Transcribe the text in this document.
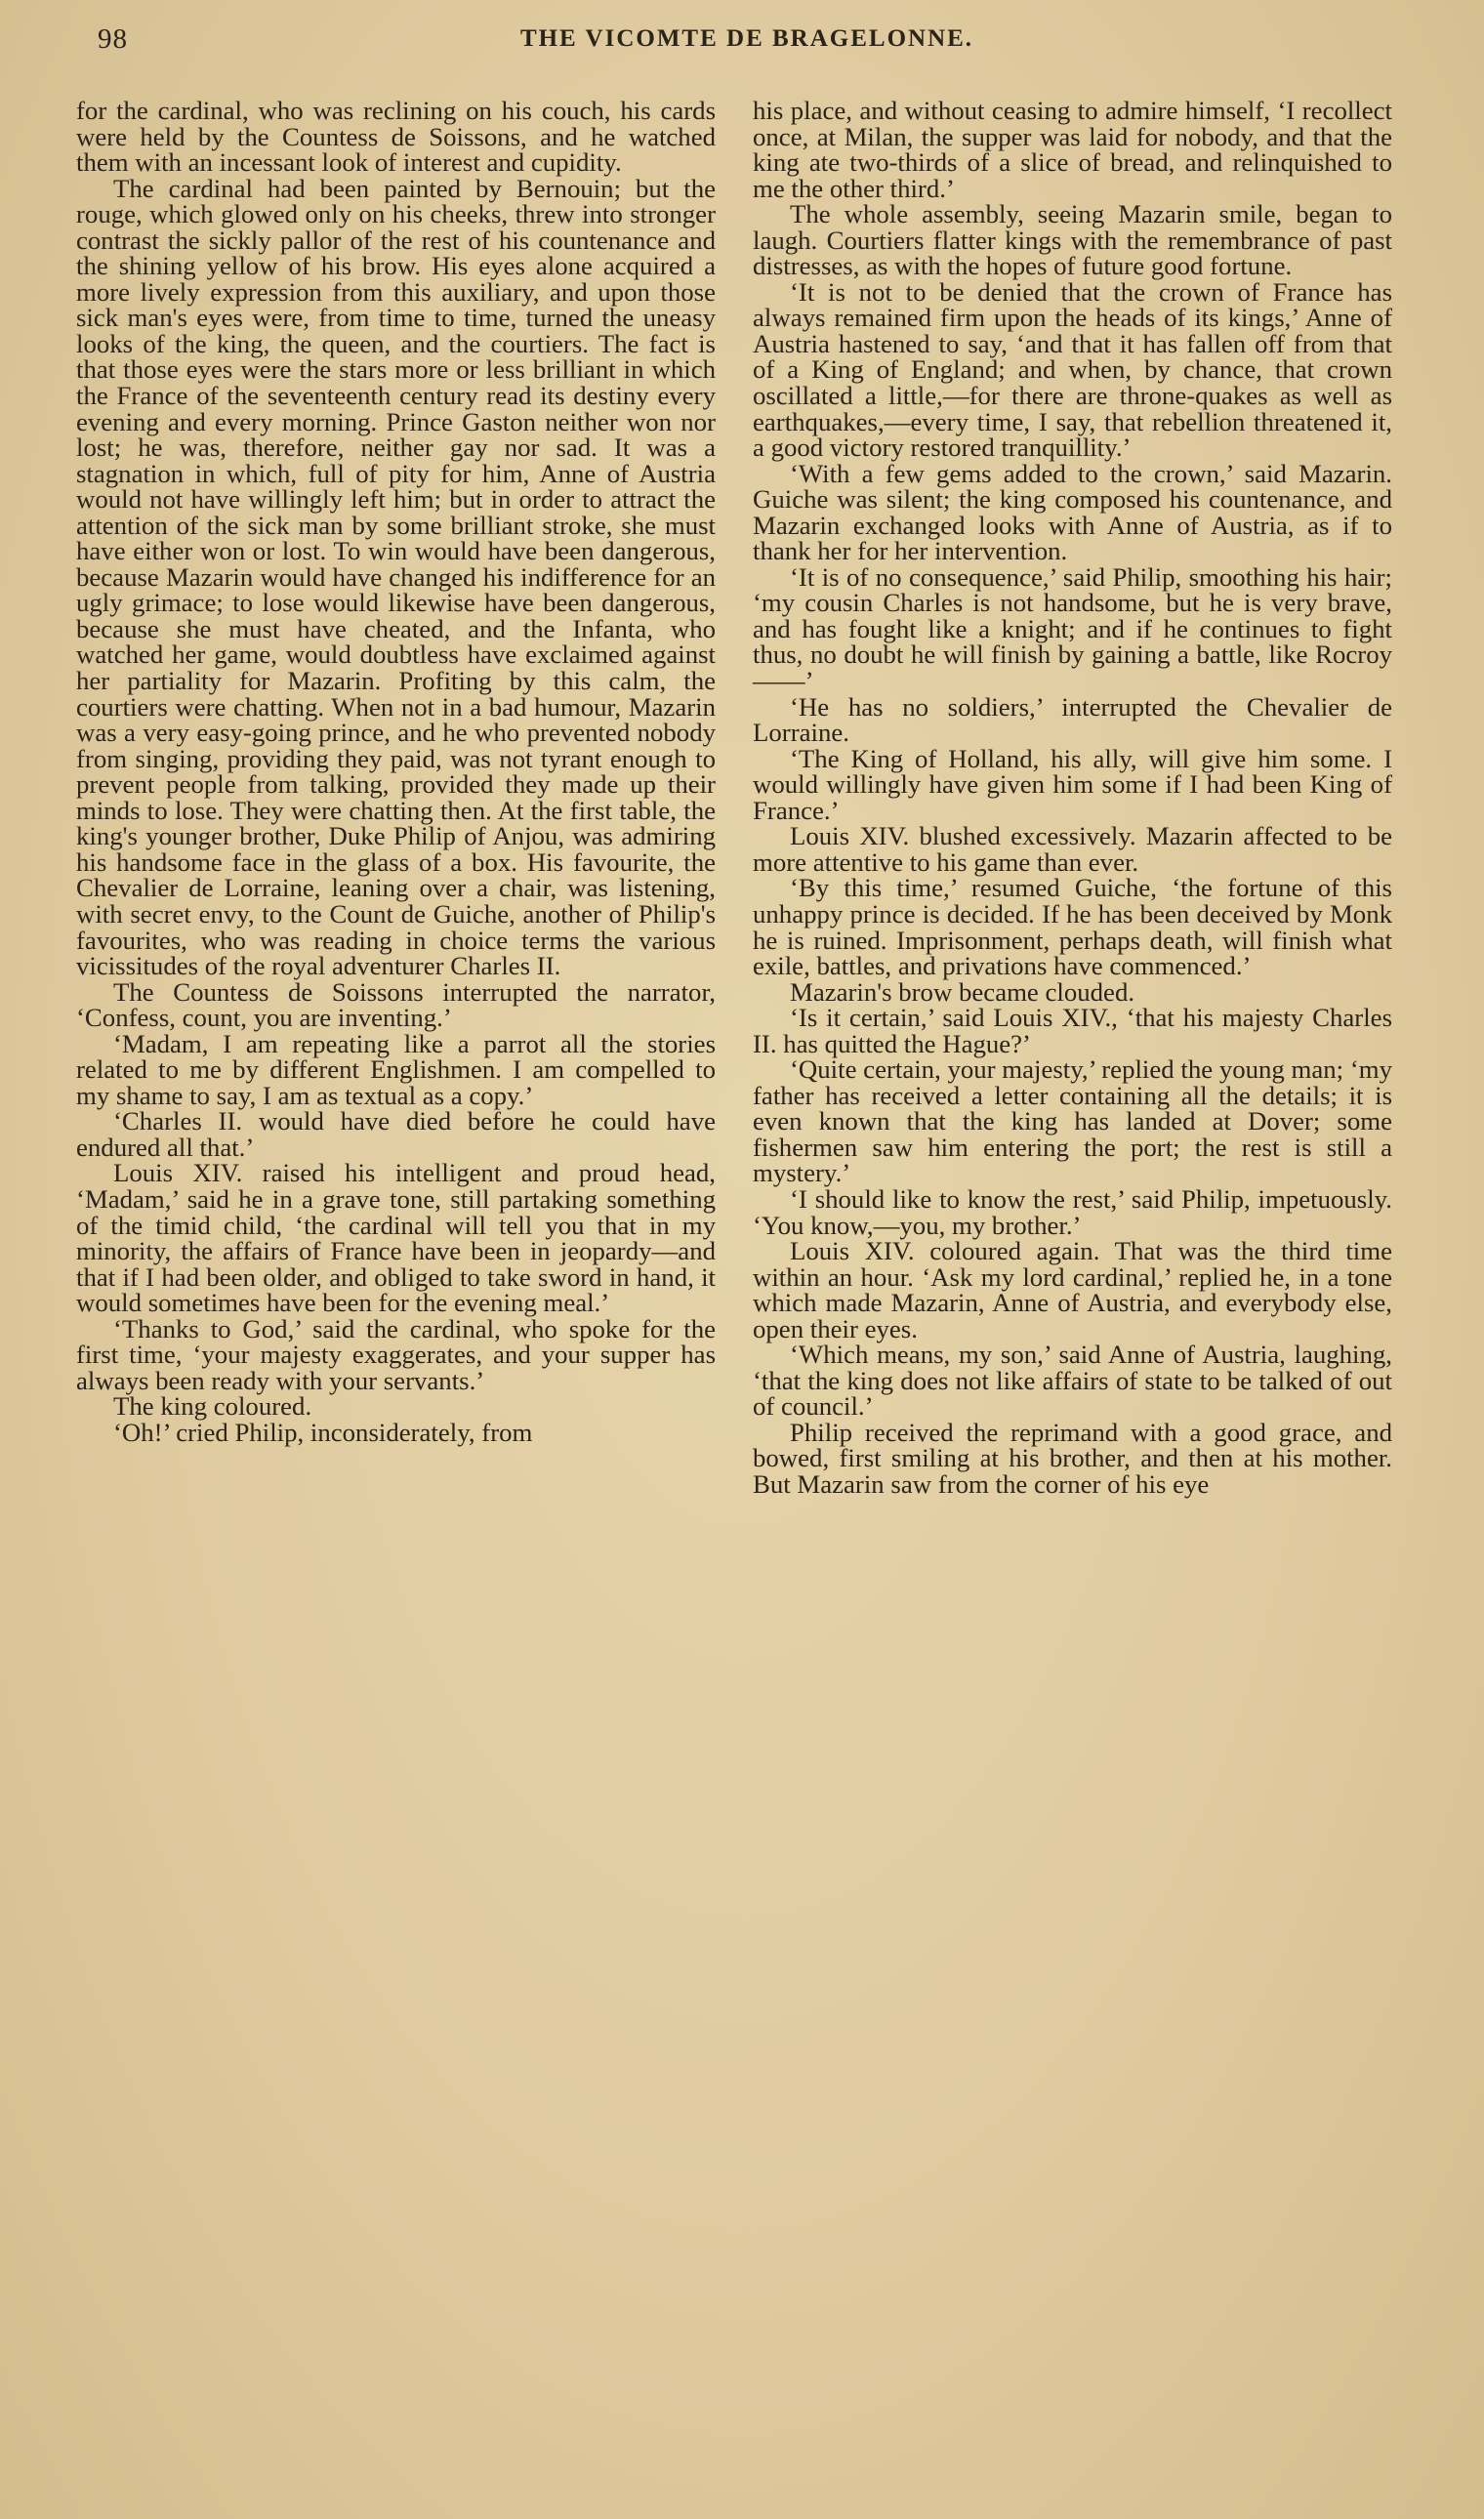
98	THE VICOMTE DE BRAGELONNE.

for the cardinal, who was reclining on his couch, his cards were held by the Countess de Soissons, and he watched them with an incessant look of interest and cupidity.

The cardinal had been painted by Bernouin; but the rouge, which glowed only on his cheeks, threw into stronger contrast the sickly pallor of the rest of his countenance and the shining yellow of his brow. His eyes alone acquired a more lively expression from this auxiliary, and upon those sick man's eyes were, from time to time, turned the uneasy looks of the king, the queen, and the courtiers. The fact is that those eyes were the stars more or less brilliant in which the France of the seventeenth century read its destiny every evening and every morning. Prince Gaston neither won nor lost; he was, therefore, neither gay nor sad. It was a stagnation in which, full of pity for him, Anne of Austria would not have willingly left him; but in order to attract the attention of the sick man by some brilliant stroke, she must have either won or lost. To win would have been dangerous, because Mazarin would have changed his indifference for an ugly grimace; to lose would likewise have been dangerous, because she must have cheated, and the Infanta, who watched her game, would doubtless have exclaimed against her partiality for Mazarin. Profiting by this calm, the courtiers were chatting. When not in a bad humour, Mazarin was a very easy-going prince, and he who prevented nobody from singing, providing they paid, was not tyrant enough to prevent people from talking, provided they made up their minds to lose. They were chatting then. At the first table, the king's younger brother, Duke Philip of Anjou, was admiring his handsome face in the glass of a box. His favourite, the Chevalier de Lorraine, leaning over a chair, was listening, with secret envy, to the Count de Guiche, another of Philip's favourites, who was reading in choice terms the various vicissitudes of the royal adventurer Charles II.

The Countess de Soissons interrupted the narrator, ‘Confess, count, you are inventing.’

‘Madam, I am repeating like a parrot all the stories related to me by different Englishmen. I am compelled to my shame to say, I am as textual as a copy.’

‘Charles II. would have died before he could have endured all that.’

Louis XIV. raised his intelligent and proud head, ‘Madam,’ said he in a grave tone, still partaking something of the timid child, ‘the cardinal will tell you that in my minority, the affairs of France have been in jeopardy—and that if I had been older, and obliged to take sword in hand, it would sometimes have been for the evening meal.’

‘Thanks to God,’ said the cardinal, who spoke for the first time, ‘your majesty exaggerates, and your supper has always been ready with your servants.’

The king coloured.

‘Oh!’ cried Philip, inconsiderately, from

his place, and without ceasing to admire himself, ‘I recollect once, at Milan, the supper was laid for nobody, and that the king ate two-thirds of a slice of bread, and relinquished to me the other third.’

The whole assembly, seeing Mazarin smile, began to laugh. Courtiers flatter kings with the remembrance of past distresses, as with the hopes of future good fortune.

‘It is not to be denied that the crown of France has always remained firm upon the heads of its kings,’ Anne of Austria hastened to say, ‘and that it has fallen off from that of a King of England; and when, by chance, that crown oscillated a little,—for there are throne-quakes as well as earthquakes,—every time, I say, that rebellion threatened it, a good victory restored tranquillity.’

‘With a few gems added to the crown,’ said Mazarin. Guiche was silent; the king composed his countenance, and Mazarin exchanged looks with Anne of Austria, as if to thank her for her intervention.

‘It is of no consequence,’ said Philip, smoothing his hair; ‘my cousin Charles is not handsome, but he is very brave, and has fought like a knight; and if he continues to fight thus, no doubt he will finish by gaining a battle, like Rocroy——’

‘He has no soldiers,’ interrupted the Chevalier de Lorraine.

‘The King of Holland, his ally, will give him some. I would willingly have given him some if I had been King of France.’

Louis XIV. blushed excessively. Mazarin affected to be more attentive to his game than ever.

‘By this time,’ resumed Guiche, ‘the fortune of this unhappy prince is decided. If he has been deceived by Monk he is ruined. Imprisonment, perhaps death, will finish what exile, battles, and privations have commenced.’

Mazarin's brow became clouded.

‘Is it certain,’ said Louis XIV., ‘that his majesty Charles II. has quitted the Hague?’

‘Quite certain, your majesty,’ replied the young man; ‘my father has received a letter containing all the details; it is even known that the king has landed at Dover; some fishermen saw him entering the port; the rest is still a mystery.’

‘I should like to know the rest,’ said Philip, impetuously. ‘You know,—you, my brother.’

Louis XIV. coloured again. That was the third time within an hour. ‘Ask my lord cardinal,’ replied he, in a tone which made Mazarin, Anne of Austria, and everybody else, open their eyes.

‘Which means, my son,’ said Anne of Austria, laughing, ‘that the king does not like affairs of state to be talked of out of council.’

Philip received the reprimand with a good grace, and bowed, first smiling at his brother, and then at his mother. But Mazarin saw from the corner of his eye
